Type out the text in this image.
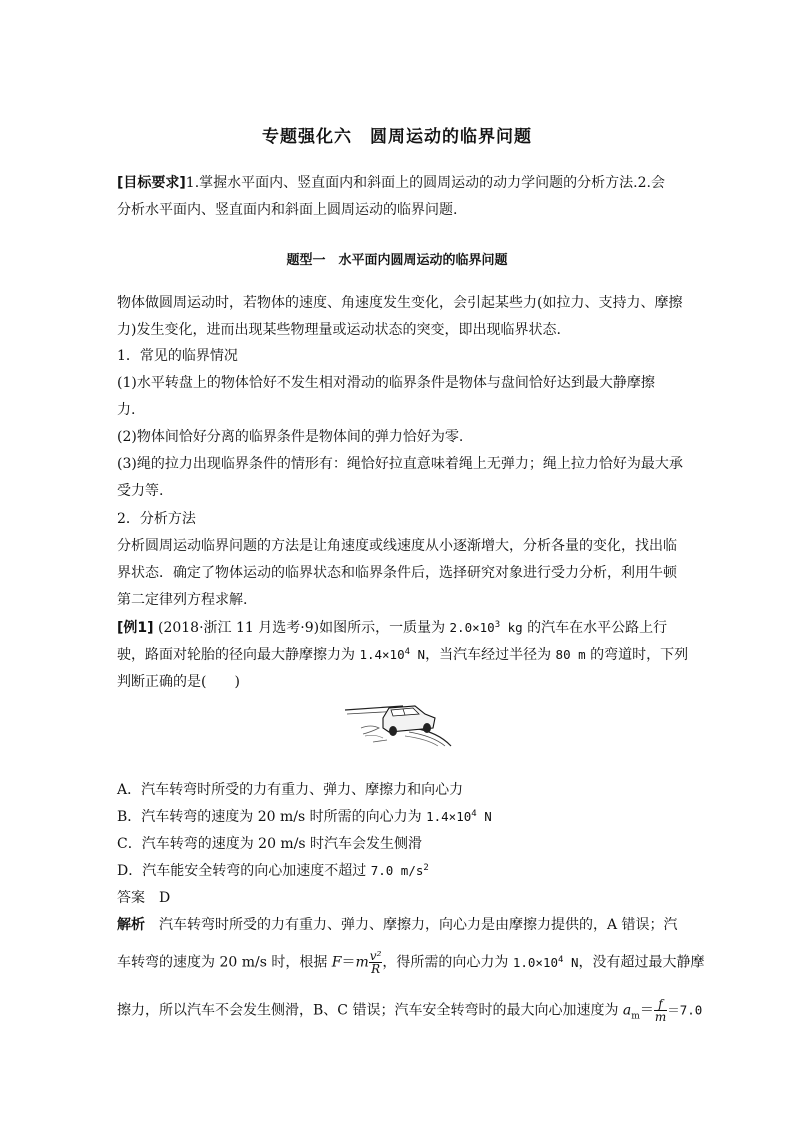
专题强化六　圆周运动的临界问题
[目标要求]1.掌握水平面内、竖直面内和斜面上的圆周运动的动力学问题的分析方法.2.会
分析水平面内、竖直面内和斜面上圆周运动的临界问题.
题型一　水平面内圆周运动的临界问题
物体做圆周运动时，若物体的速度、角速度发生变化，会引起某些力(如拉力、支持力、摩擦
力)发生变化，进而出现某些物理量或运动状态的突变，即出现临界状态.
1．常见的临界情况
(1)水平转盘上的物体恰好不发生相对滑动的临界条件是物体与盘间恰好达到最大静摩擦
力.
(2)物体间恰好分离的临界条件是物体间的弹力恰好为零.
(3)绳的拉力出现临界条件的情形有：绳恰好拉直意味着绳上无弹力；绳上拉力恰好为最大承
受力等.
2．分析方法
分析圆周运动临界问题的方法是让角速度或线速度从小逐渐增大，分析各量的变化，找出临
界状态．确定了物体运动的临界状态和临界条件后，选择研究对象进行受力分析，利用牛顿
第二定律列方程求解.
[例1] (2018·浙江 11 月选考·9)如图所示，一质量为 $2.0\times 10^3$ kg 的汽车在水平公路上行
驶，路面对轮胎的径向最大静摩擦力为 $1.4\times 10^4$ N，当汽车经过半径为 80 m 的弯道时，下列
判断正确的是(　　)
A．汽车转弯时所受的力有重力、弹力、摩擦力和向心力
B．汽车转弯的速度为 20 m/s 时所需的向心力为 $1.4\times 10^4$ N
C．汽车转弯的速度为 20 m/s 时汽车会发生侧滑
D．汽车能安全转弯的向心加速度不超过 7.0 $m/s^2$
答案　D
解析　汽车转弯时所受的力有重力、弹力、摩擦力，向心力是由摩擦力提供的，A 错误；汽
车转弯的速度为 20 m/s 时，根据 $F=m \frac{\text{v²}}{R}$ ，得所需的向心力为 $1.0\times 10^4$ N，没有超过最大静摩
擦力，所以汽车不会发生侧滑，B、C 错误；汽车安全转弯时的最大向心加速度为 $a_m= \frac{f}{m} =7.0$
